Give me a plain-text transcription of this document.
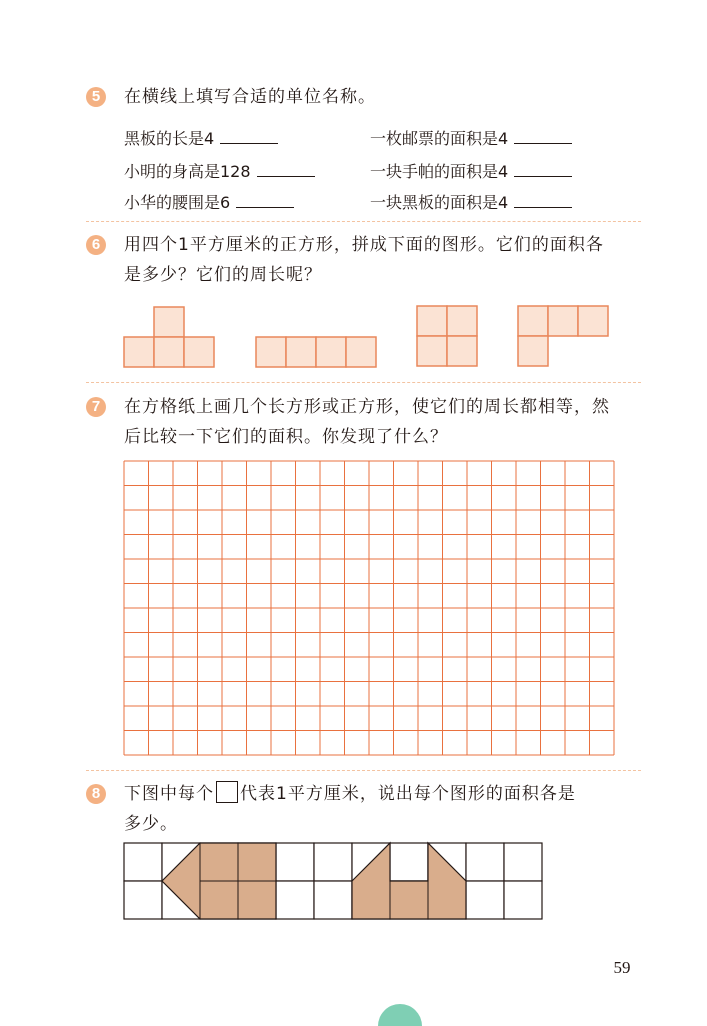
5	在横线上填写合适的单位名称。
黑板的长是4	一枚邮票的面积是4
小明的身高是128	一块手帕的面积是4
小华的腰围是6	一块黑板的面积是4
6	用四个1平方厘米的正方形，拼成下面的图形。它们的面积各
是多少？它们的周长呢？
7	在方格纸上画几个长方形或正方形，使它们的周长都相等，然
后比较一下它们的面积。你发现了什么？
8	下图中每个 代表1平方厘米，说出每个图形的面积各是
多少。
59
